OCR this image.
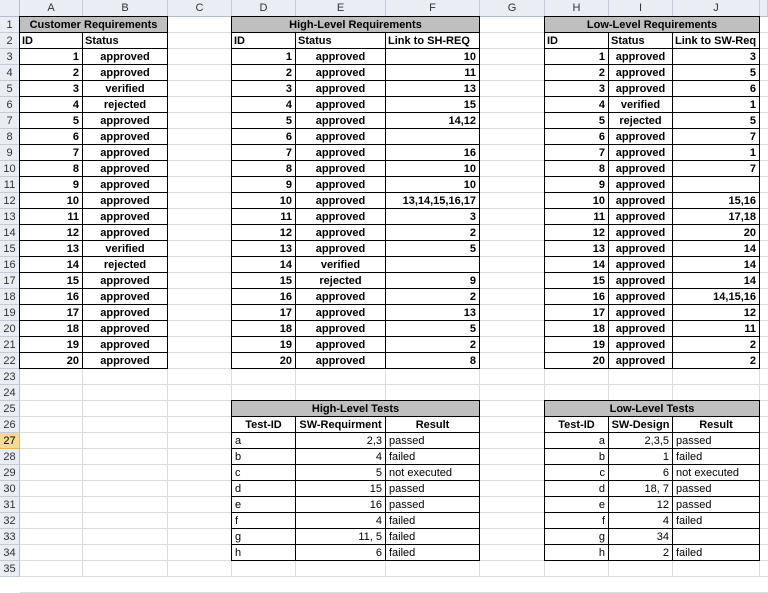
A	B	C	D	E	F	G	H	I	J
1
2
3
4
5
6
7
8
9
10
11
12
13
14
15
16
17
18
19
20
21
22
23
24
25
26
27
28
29
30
31
32
33
34
35
Customer Requirements
ID	Status
1	approved
2	approved
3	verified
4	rejected
5	approved
6	approved
7	approved
8	approved
9	approved
10	approved
11	approved
12	approved
13	verified
14	rejected
15	approved
16	approved
17	approved
18	approved
19	approved
20	approved
High-Level Requirements
ID	Status	Link to SH-REQ
1	approved	10
2	approved	11
3	approved	13
4	approved	15
5	approved	14,12
6	approved
7	approved	16
8	approved	10
9	approved	10
10	approved	13,14,15,16,17
11	approved	3
12	approved	2
13	approved	5
14	verified
15	rejected	9
16	approved	2
17	approved	13
18	approved	5
19	approved	2
20	approved	8
Low-Level Requirements
ID	Status	Link to SW-Req
1 approved	3
2 approved	5
3 approved	6
4	verified	1
5	rejected	5
6 approved	7
7 approved	1
8 approved	7
9 approved
10 approved	15,16
11 approved	17,18
12 approved	20
13 approved	14
14 approved	14
15 approved	14
16 approved	14,15,16
17 approved	12
18 approved	11
19 approved	2
20 approved	2
High-Level Tests
Test-ID	SW-Requirment	Result
a	2,3 passed
b	4 failed
c	5 not executed
d	15 passed
e	16 passed
f	4 failed
g	11, 5 failed
h	6 failed
Low-Level Tests
Test-ID	SW-Design	Result
a	2,3,5 passed
b	1 failed
c	6 not executed
d	18, 7 passed
e	12 passed
f	4 failed
g	34
h	2 failed
